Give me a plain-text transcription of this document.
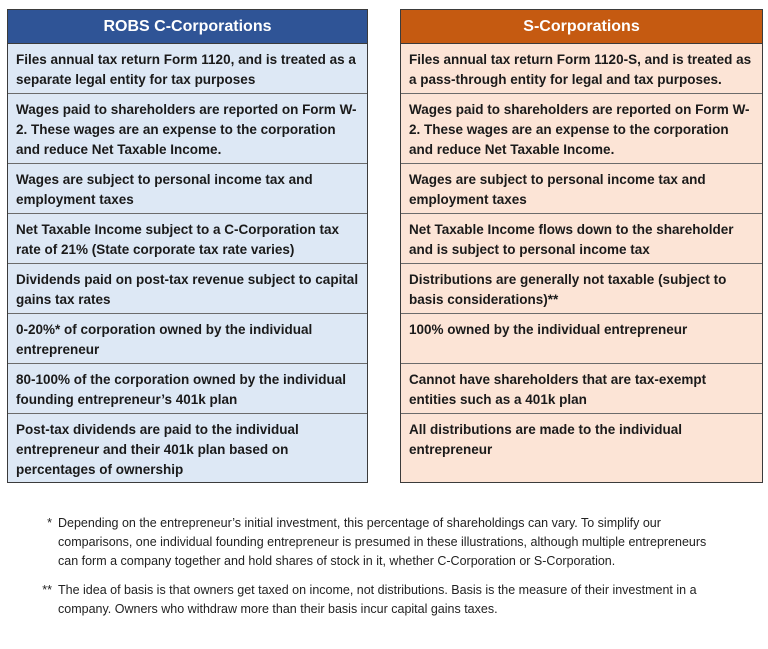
ROBS C-Corporations
Files annual tax return Form 1120, and is treated as a separate legal entity for tax purposes
Wages paid to shareholders are reported on Form W-2. These wages are an expense to the corporation and reduce Net Taxable Income.
Wages are subject to personal income tax and employment taxes
Net Taxable Income subject to a C-Corporation tax rate of 21% (State corporate tax rate varies)
Dividends paid on post-tax revenue subject to capital gains tax rates
0-20%* of corporation owned by the individual entrepreneur
80-100% of the corporation owned by the individual founding entrepreneur’s 401k plan
Post-tax dividends are paid to the individual entrepreneur and their 401k plan based on percentages of ownership
S-Corporations
Files annual tax return Form 1120-S, and is treated as a pass-through entity for legal and tax purposes.
Wages paid to shareholders are reported on Form W-2. These wages are an expense to the corporation and reduce Net Taxable Income.
Wages are subject to personal income tax and employment taxes
Net Taxable Income flows down to the shareholder and is subject to personal income tax
Distributions are generally not taxable (subject to basis considerations)**
100% owned by the individual entrepreneur
Cannot have shareholders that are tax-exempt entities such as a 401k plan
All distributions are made to the individual entrepreneur
* Depending on the entrepreneur’s initial investment, this percentage of shareholdings can vary. To simplify our comparisons, one individual founding entrepreneur is presumed in these illustrations, although multiple entrepreneurs can form a company together and hold shares of stock in it, whether C-Corporation or S-Corporation.
** The idea of basis is that owners get taxed on income, not distributions. Basis is the measure of their investment in a company. Owners who withdraw more than their basis incur capital gains taxes.
